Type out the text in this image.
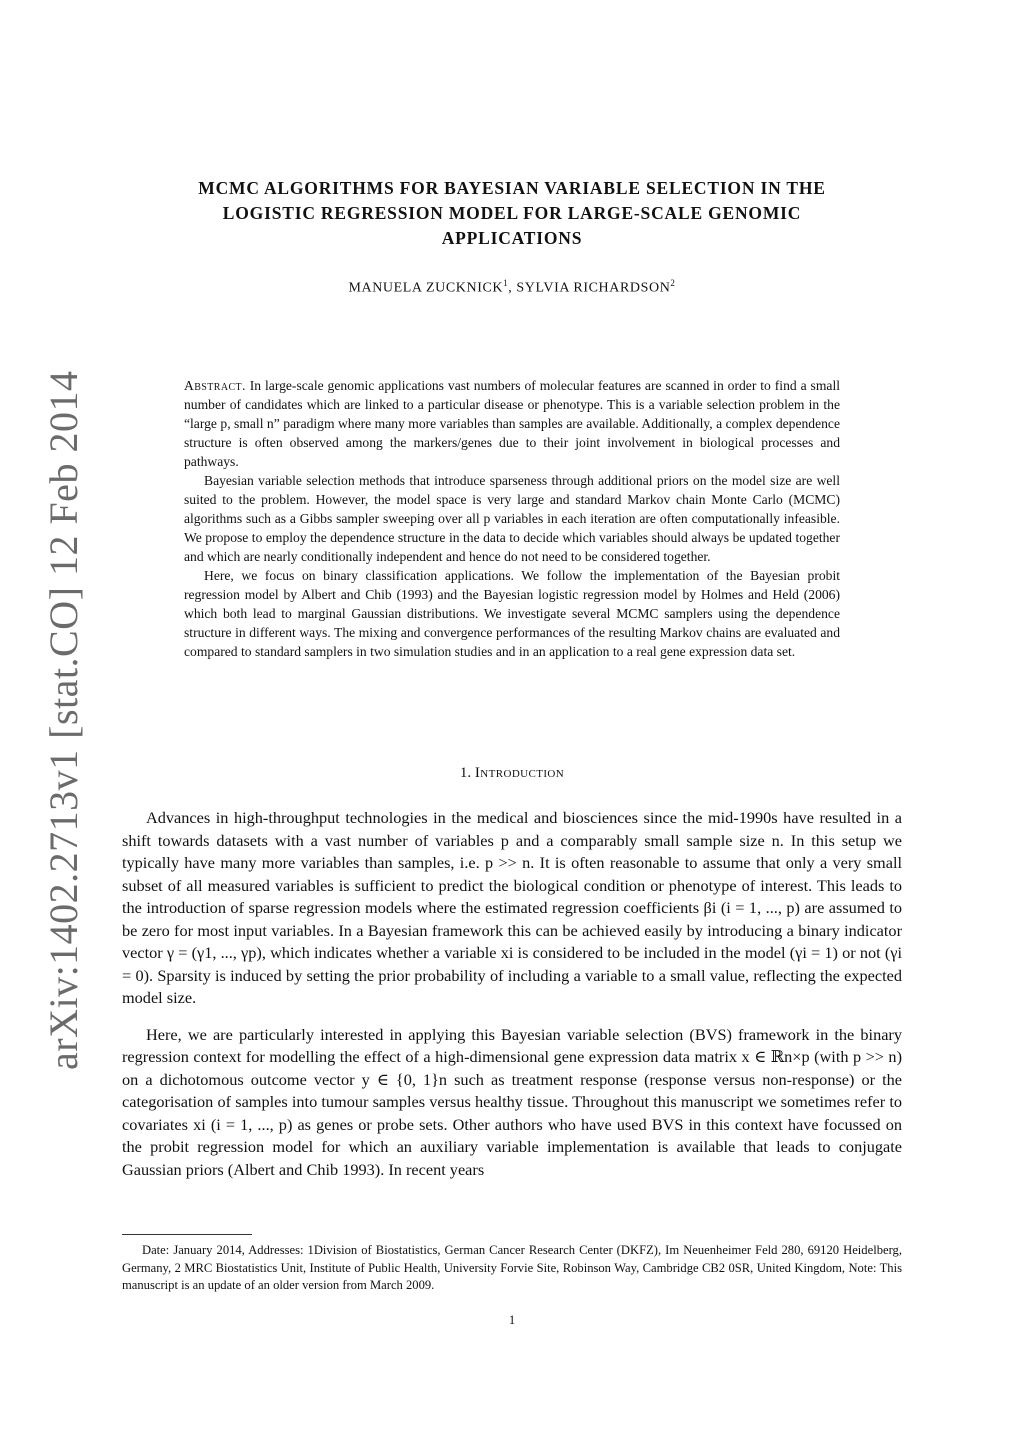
arXiv:1402.2713v1 [stat.CO] 12 Feb 2014
MCMC ALGORITHMS FOR BAYESIAN VARIABLE SELECTION IN THE
LOGISTIC REGRESSION MODEL FOR LARGE-SCALE GENOMIC
APPLICATIONS
MANUELA ZUCKNICK$^1$, SYLVIA RICHARDSON$^2$

Abstract. In large-scale genomic applications vast numbers of molecular features are scanned in order to find a small number of candidates which are linked to a particular disease or phenotype. This is a variable selection problem in the “large p, small n” paradigm where many more variables than samples are available. Additionally, a complex dependence structure is often observed among the markers/genes due to their joint involvement in biological processes and pathways.

Bayesian variable selection methods that introduce sparseness through additional priors on the model size are well suited to the problem. However, the model space is very large and standard Markov chain Monte Carlo (MCMC) algorithms such as a Gibbs sampler sweeping over all p variables in each iteration are often computationally infeasible. We propose to employ the dependence structure in the data to decide which variables should always be updated together and which are nearly conditionally independent and hence do not need to be considered together.

Here, we focus on binary classification applications. We follow the implementation of the Bayesian probit regression model by Albert and Chib (1993) and the Bayesian logistic regression model by Holmes and Held (2006) which both lead to marginal Gaussian distributions. We investigate several MCMC samplers using the dependence structure in different ways. The mixing and convergence performances of the resulting Markov chains are evaluated and compared to standard samplers in two simulation studies and in an application to a real gene expression data set.

1. Introduction

Advances in high-throughput technologies in the medical and biosciences since the mid-1990s have resulted in a shift towards datasets with a vast number of variables p and a comparably small sample size n. In this setup we typically have many more variables than samples, i.e. p >> n. It is often reasonable to assume that only a very small subset of all measured variables is sufficient to predict the biological condition or phenotype of interest. This leads to the introduction of sparse regression models where the estimated regression coefficients βi (i = 1, ..., p) are assumed to be zero for most input variables. In a Bayesian framework this can be achieved easily by introducing a binary indicator vector γ = (γ1, ..., γp), which indicates whether a variable xi is considered to be included in the model (γi = 1) or not (γi = 0). Sparsity is induced by setting the prior probability of including a variable to a small value, reflecting the expected model size.

Here, we are particularly interested in applying this Bayesian variable selection (BVS) framework in the binary regression context for modelling the effect of a high-dimensional gene expression data matrix x ∈ ℝn×p (with p >> n) on a dichotomous outcome vector y ∈ {0, 1}n such as treatment response (response versus non-response) or the categorisation of samples into tumour samples versus healthy tissue. Throughout this manuscript we sometimes refer to covariates xi (i = 1, ..., p) as genes or probe sets. Other authors who have used BVS in this context have focussed on the probit regression model for which an auxiliary variable implementation is available that leads to conjugate Gaussian priors (Albert and Chib 1993). In recent years

Date: January 2014, Addresses: 1Division of Biostatistics, German Cancer Research Center (DKFZ), Im Neuenheimer Feld 280, 69120 Heidelberg, Germany, 2 MRC Biostatistics Unit, Institute of Public Health, University Forvie Site, Robinson Way, Cambridge CB2 0SR, United Kingdom, Note: This manuscript is an update of an older version from March 2009.
1
